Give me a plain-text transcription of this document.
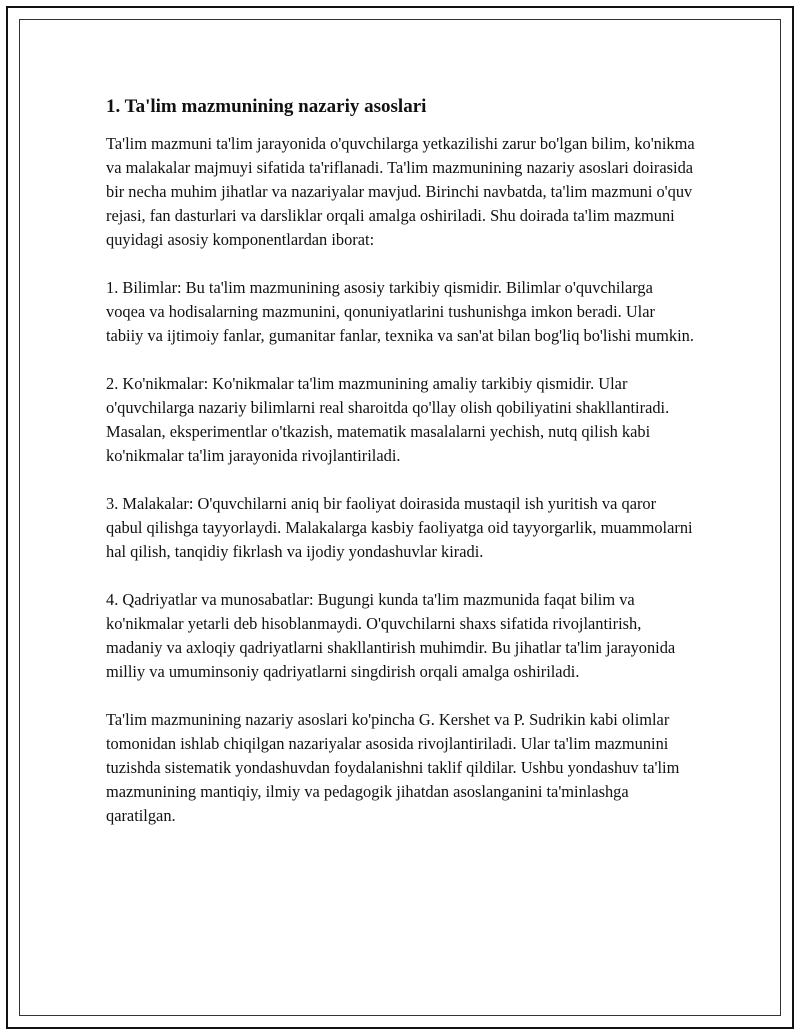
1. Ta'lim mazmunining nazariy asoslari

Ta'lim mazmuni ta'lim jarayonida o'quvchilarga yetkazilishi zarur bo'lgan bilim, ko'nikma va malakalar majmuyi sifatida ta'riflanadi. Ta'lim mazmunining nazariy asoslari doirasida bir necha muhim jihatlar va nazariyalar mavjud. Birinchi navbatda, ta'lim mazmuni o'quv rejasi, fan dasturlari va darsliklar orqali amalga oshiriladi. Shu doirada ta'lim mazmuni quyidagi asosiy komponentlardan iborat:

1. Bilimlar: Bu ta'lim mazmunining asosiy tarkibiy qismidir. Bilimlar o'quvchilarga voqea va hodisalarning mazmunini, qonuniyatlarini tushunishga imkon beradi. Ular tabiiy va ijtimoiy fanlar, gumanitar fanlar, texnika va san'at bilan bog'liq bo'lishi mumkin.

2. Ko'nikmalar: Ko'nikmalar ta'lim mazmunining amaliy tarkibiy qismidir. Ular o'quvchilarga nazariy bilimlarni real sharoitda qo'llay olish qobiliyatini shakllantiradi. Masalan, eksperimentlar o'tkazish, matematik masalalarni yechish, nutq qilish kabi ko'nikmalar ta'lim jarayonida rivojlantiriladi.

3. Malakalar: O'quvchilarni aniq bir faoliyat doirasida mustaqil ish yuritish va qaror qabul qilishga tayyorlaydi. Malakalarga kasbiy faoliyatga oid tayyorgarlik, muammolarni hal qilish, tanqidiy fikrlash va ijodiy yondashuvlar kiradi.

4. Qadriyatlar va munosabatlar: Bugungi kunda ta'lim mazmunida faqat bilim va ko'nikmalar yetarli deb hisoblanmaydi. O'quvchilarni shaxs sifatida rivojlantirish, madaniy va axloqiy qadriyatlarni shakllantirish muhimdir. Bu jihatlar ta'lim jarayonida milliy va umuminsoniy qadriyatlarni singdirish orqali amalga oshiriladi.

Ta'lim mazmunining nazariy asoslari ko'pincha G. Kershet va P. Sudrikin kabi olimlar tomonidan ishlab chiqilgan nazariyalar asosida rivojlantiriladi. Ular ta'lim mazmunini tuzishda sistematik yondashuvdan foydalanishni taklif qildilar. Ushbu yondashuv ta'lim mazmunining mantiqiy, ilmiy va pedagogik jihatdan asoslanganini ta'minlashga qaratilgan.
